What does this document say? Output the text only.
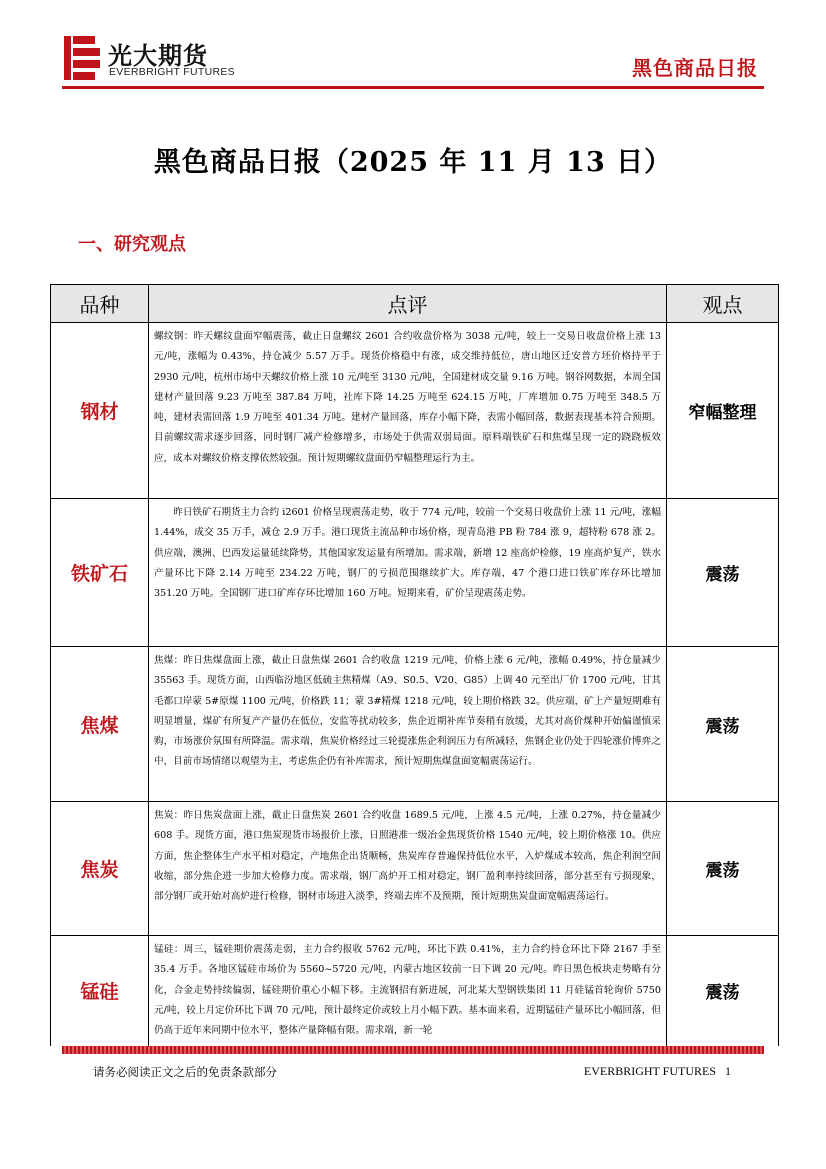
光大期货
EVERBRIGHT FUTURES	黑色商品日报
黑色商品日报（2025 年 11 月 13 日）
一、研究观点
品种	点评	观点
钢材	螺纹钢：昨天螺纹盘面窄幅震荡，截止日盘螺纹 2601 合约收盘价格为 3038 元/吨，较上一交易日收盘价格上涨 13 元/吨，涨幅为 0.43%，持仓减少 5.57 万手。现货价格稳中有涨，成交维持低位，唐山地区迁安普方坯价格持平于 2930 元/吨，杭州市场中天螺纹价格上涨 10 元/吨至 3130 元/吨，全国建材成交量 9.16 万吨。钢谷网数据，本周全国建材产量回落 9.23 万吨至 387.84 万吨，社库下降 14.25 万吨至 624.15 万吨，厂库增加 0.75 万吨至 348.5 万吨，建材表需回落 1.9 万吨至 401.34 万吨。建材产量回落，库存小幅下降，表需小幅回落，数据表现基本符合预期。目前螺纹需求逐步回落，同时钢厂减产检修增多，市场处于供需双弱局面。原料端铁矿石和焦煤呈现一定的跷跷板效应，成本对螺纹价格支撑依然较强。预计短期螺纹盘面仍窄幅整理运行为主。	窄幅整理
铁矿石	昨日铁矿石期货主力合约 i2601 价格呈现震荡走势，收于 774 元/吨，较前一个交易日收盘价上涨 11 元/吨，涨幅 1.44%，成交 35 万手，减仓 2.9 万手。港口现货主流品种市场价格，现青岛港 PB 粉 784 涨 9，超特粉 678 涨 2。供应端，澳洲、巴西发运量延续降势，其他国家发运量有所增加。需求端，新增 12 座高炉检修，19 座高炉复产，铁水产量环比下降 2.14 万吨至 234.22 万吨，钢厂的亏损范围继续扩大。库存端，47 个港口进口铁矿库存环比增加 351.20 万吨。全国钢厂进口矿库存环比增加 160 万吨。短期来看，矿价呈现震荡走势。	震荡
焦煤	焦煤：昨日焦煤盘面上涨，截止日盘焦煤 2601 合约收盘 1219 元/吨，价格上涨 6 元/吨，涨幅 0.49%，持仓量减少 35563 手。现货方面，山西临汾地区低硫主焦精煤（A9、S0.5、V20、G85）上调 40 元至出厂价 1700 元/吨，甘其毛都口岸蒙 5#原煤 1100 元/吨，价格跌 11；蒙 3#精煤 1218 元/吨，较上期价格跌 32。供应端，矿上产量短期难有明显增量，煤矿有所复产产量仍在低位，安监等扰动较多，焦企近期补库节奏稍有放缓，尤其对高价煤种开始偏谨慎采购，市场涨价氛围有所降温。需求端，焦炭价格经过三轮提涨焦企利润压力有所减轻，焦钢企业仍处于四轮涨价博弈之中，目前市场情绪以观望为主，考虑焦企仍有补库需求，预计短期焦煤盘面宽幅震荡运行。	震荡
焦炭	焦炭：昨日焦炭盘面上涨，截止日盘焦炭 2601 合约收盘 1689.5 元/吨，上涨 4.5 元/吨，上涨 0.27%，持仓量减少 608 手。现货方面，港口焦炭现货市场报价上涨，日照港准一级冶金焦现货价格 1540 元/吨，较上期价格涨 10。供应方面，焦企整体生产水平相对稳定，产地焦企出货顺畅，焦炭库存普遍保持低位水平，入炉煤成本较高，焦企利润空间收缩，部分焦企进一步加大检修力度。需求端，钢厂高炉开工相对稳定，钢厂盈利率持续回落，部分甚至有亏损现象，部分钢厂或开始对高炉进行检修，钢材市场进入淡季，终端去库不及预期，预计短期焦炭盘面宽幅震荡运行。	震荡
锰硅	锰硅：周三，锰硅期价震荡走弱，主力合约报收 5762 元/吨，环比下跌 0.41%，主力合约持仓环比下降 2167 手至 35.4 万手。各地区锰硅市场价为 5560~5720 元/吨，内蒙古地区较前一日下调 20 元/吨。昨日黑色板块走势略有分化，合金走势持续偏弱，锰硅期价重心小幅下移。主流钢招有新进展，河北某大型钢铁集团 11 月硅锰首轮询价 5750 元/吨，较上月定价环比下调 70 元/吨，预计最终定价或较上月小幅下跌。基本面来看，近期锰硅产量环比小幅回落，但仍高于近年来同期中位水平，整体产量降幅有限。需求端，新一轮	震荡
请务必阅读正文之后的免责条款部分	EVERBRIGHT FUTURES 1
